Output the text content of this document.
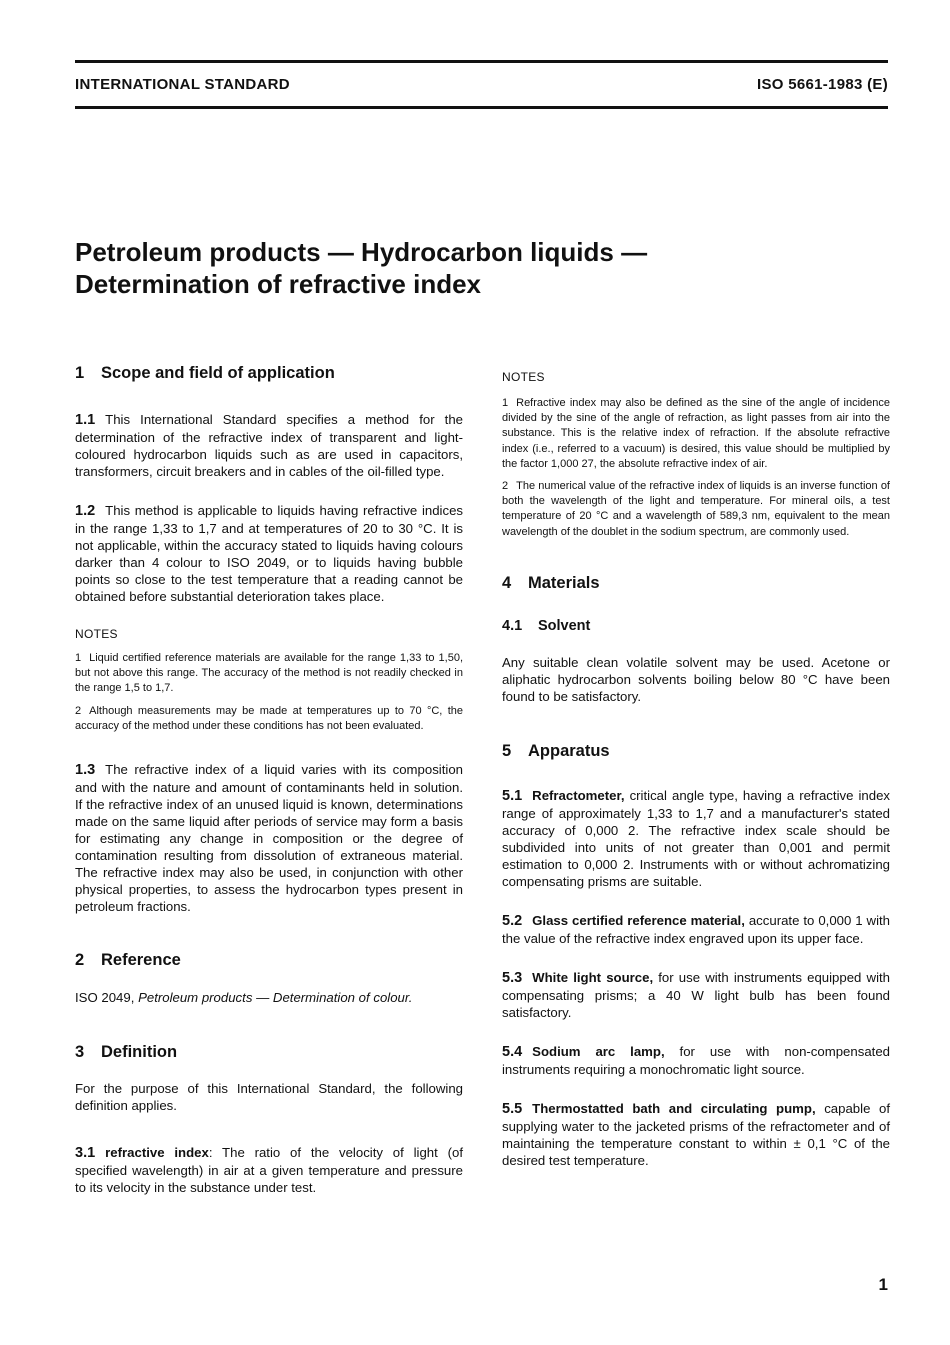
INTERNATIONAL STANDARD	ISO 5661-1983 (E)
Petroleum products — Hydrocarbon liquids —
Determination of refractive index
1 Scope and field of application

1.1 This International Standard specifies a method for the determination of the refractive index of transparent and light-coloured hydrocarbon liquids such as are used in capacitors, transformers, circuit breakers and in cables of the oil-filled type.

1.2 This method is applicable to liquids having refractive indices in the range 1,33 to 1,7 and at temperatures of 20 to 30 °C. It is not applicable, within the accuracy stated to liquids having colours darker than 4 colour to ISO 2049, or to liquids having bubble points so close to the test temperature that a reading cannot be obtained before substantial deterioration takes place.

NOTES

1 Liquid certified reference materials are available for the range 1,33 to 1,50, but not above this range. The accuracy of the method is not readily checked in the range 1,5 to 1,7.

2 Although measurements may be made at temperatures up to 70 °C, the accuracy of the method under these conditions has not been evaluated.

1.3 The refractive index of a liquid varies with its composition and with the nature and amount of contaminants held in solution. If the refractive index of an unused liquid is known, determinations made on the same liquid after periods of service may form a basis for estimating any change in composition or the degree of contamination resulting from dissolution of extraneous material. The refractive index may also be used, in conjunction with other physical properties, to assess the hydrocarbon types present in petroleum fractions.

2 Reference

ISO 2049, Petroleum products — Determination of colour.

3 Definition

For the purpose of this International Standard, the following definition applies.

3.1 refractive index: The ratio of the velocity of light (of specified wavelength) in air at a given temperature and pressure to its velocity in the substance under test.

NOTES

1 Refractive index may also be defined as the sine of the angle of incidence divided by the sine of the angle of refraction, as light passes from air into the substance. This is the relative index of refraction. If the absolute refractive index (i.e., referred to a vacuum) is desired, this value should be multiplied by the factor 1,000 27, the absolute refractive index of air.

2 The numerical value of the refractive index of liquids is an inverse function of both the wavelength of the light and temperature. For mineral oils, a test temperature of 20 °C and a wavelength of 589,3 nm, equivalent to the mean wavelength of the doublet in the sodium spectrum, are commonly used.

4 Materials
4.1 Solvent

Any suitable clean volatile solvent may be used. Acetone or aliphatic hydrocarbon solvents boiling below 80 °C have been found to be satisfactory.

5 Apparatus

5.1 Refractometer, critical angle type, having a refractive index range of approximately 1,33 to 1,7 and a manufacturer's stated accuracy of 0,000 2. The refractive index scale should be subdivided into units of not greater than 0,001 and permit estimation to 0,000 2. Instruments with or without achromatizing compensating prisms are suitable.

5.2 Glass certified reference material, accurate to 0,000 1 with the value of the refractive index engraved upon its upper face.

5.3 White light source, for use with instruments equipped with compensating prisms; a 40 W light bulb has been found satisfactory.

5.4 Sodium arc lamp, for use with non-compensated instruments requiring a monochromatic light source.

5.5 Thermostatted bath and circulating pump, capable of supplying water to the jacketed prisms of the refractometer and of maintaining the temperature constant to within ± 0,1 °C of the desired test temperature.

1
